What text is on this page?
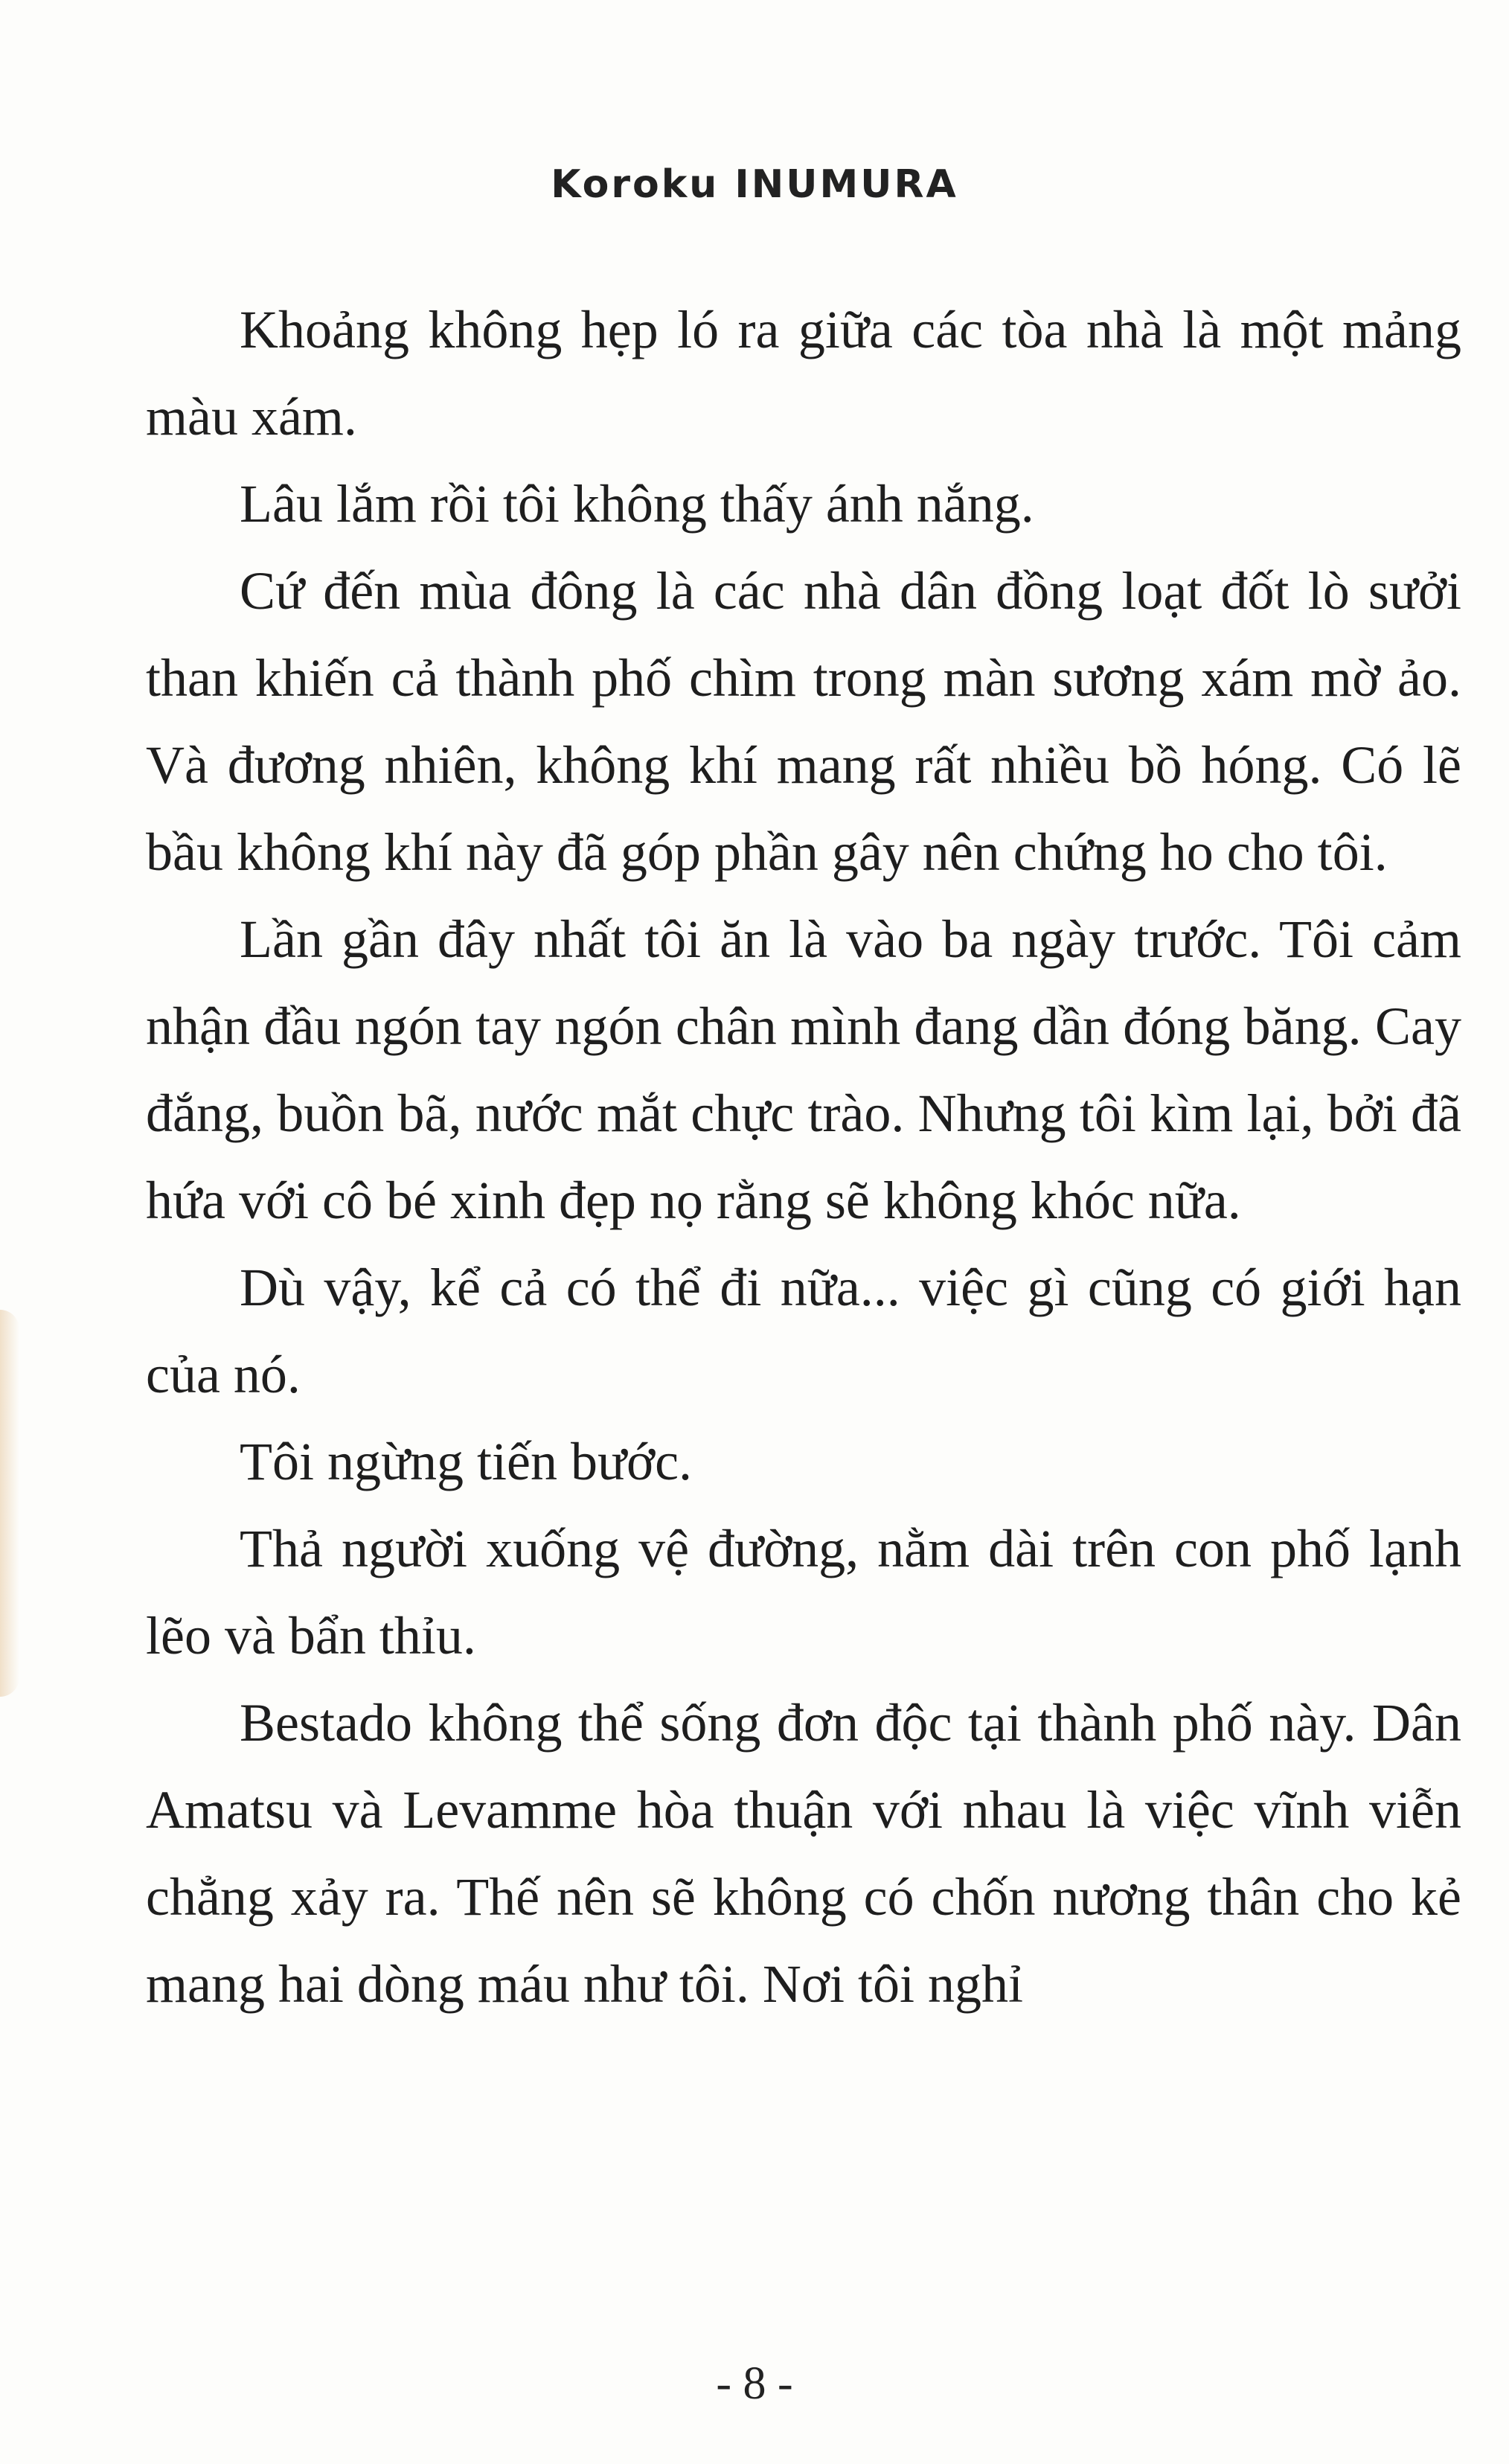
Koroku INUMURA

Khoảng không hẹp ló ra giữa các tòa nhà là một mảng màu xám.

Lâu lắm rồi tôi không thấy ánh nắng.

Cứ đến mùa đông là các nhà dân đồng loạt đốt lò sưởi than khiến cả thành phố chìm trong màn sương xám mờ ảo. Và đương nhiên, không khí mang rất nhiều bồ hóng. Có lẽ bầu không khí này đã góp phần gây nên chứng ho cho tôi.

Lần gần đây nhất tôi ăn là vào ba ngày trước. Tôi cảm nhận đầu ngón tay ngón chân mình đang dần đóng băng. Cay đắng, buồn bã, nước mắt chực trào. Nhưng tôi kìm lại, bởi đã hứa với cô bé xinh đẹp nọ rằng sẽ không khóc nữa.

Dù vậy, kể cả có thể đi nữa... việc gì cũng có giới hạn của nó.

Tôi ngừng tiến bước.

Thả người xuống vệ đường, nằm dài trên con phố lạnh lẽo và bẩn thỉu.

Bestado không thể sống đơn độc tại thành phố này. Dân Amatsu và Levamme hòa thuận với nhau là việc vĩnh viễn chẳng xảy ra. Thế nên sẽ không có chốn nương thân cho kẻ mang hai dòng máu như tôi. Nơi tôi nghỉ

- 8 -
